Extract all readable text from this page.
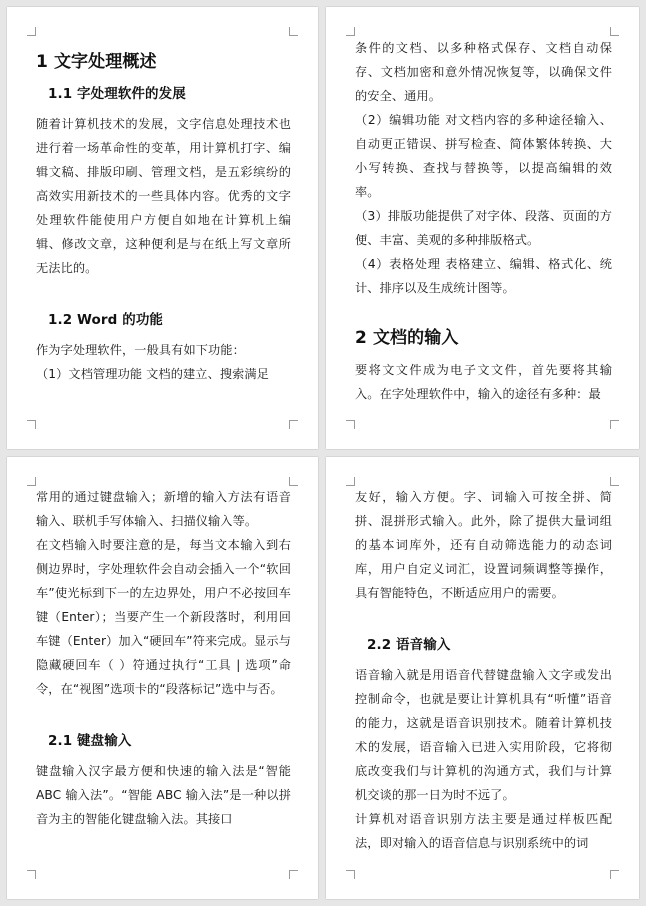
1 文字处理概述
1.1 字处理软件的发展

随着计算机技术的发展，文字信息处理技术也进行着一场革命性的变革，用计算机打字、编辑文稿、排版印刷、管理文档，是五彩缤纷的高效实用新技术的一些具体内容。优秀的文字处理软件能使用户方便自如地在计算机上编辑、修改文章，这种便利是与在纸上写文章所无法比的。

1.2 Word 的功能

作为字处理软件，一般具有如下功能：

（1）文档管理功能 文档的建立、搜索满足

条件的文档、以多种格式保存、文档自动保存、文档加密和意外情况恢复等，以确保文件的安全、通用。

（2）编辑功能 对文档内容的多种途径输入、自动更正错误、拼写检查、简体繁体转换、大小写转换、查找与替换等，以提高编辑的效率。

（3）排版功能提供了对字体、段落、页面的方便、丰富、美观的多种排版格式。

（4）表格处理 表格建立、编辑、格式化、统计、排序以及生成统计图等。

2 文档的输入

要将文文件成为电子文文件，首先要将其输入。在字处理软件中，输入的途径有多种：最

常用的通过键盘输入；新增的输入方法有语音输入、联机手写体输入、扫描仪输入等。

在文档输入时要注意的是，每当文本输入到右侧边界时，字处理软件会自动会插入一个“软回车”使光标到下一的左边界处，用户不必按回车键（Enter）；当要产生一个新段落时，利用回车键（Enter）加入“硬回车”符来完成。显示与隐藏硬回车（ ）符通过执行“工具 | 选项”命令，在“视图”选项卡的“段落标记”选中与否。

2.1 键盘输入

键盘输入汉字最方便和快速的输入法是“智能 ABC 输入法”。“智能 ABC 输入法”是一种以拼音为主的智能化键盘输入法。其接口

友好，输入方便。字、词输入可按全拼、简拼、混拼形式输入。此外，除了提供大量词组的基本词库外，还有自动筛选能力的动态词库，用户自定义词汇，设置词频调整等操作，具有智能特色，不断适应用户的需要。

2.2 语音输入

语音输入就是用语音代替键盘输入文字或发出控制命令，也就是要让计算机具有“听懂”语音的能力，这就是语音识别技术。随着计算机技术的发展，语音输入已进入实用阶段，它将彻底改变我们与计算机的沟通方式，我们与计算机交谈的那一日为时不远了。

计算机对语音识别方法主要是通过样板匹配法，即对输入的语音信息与识别系统中的词
